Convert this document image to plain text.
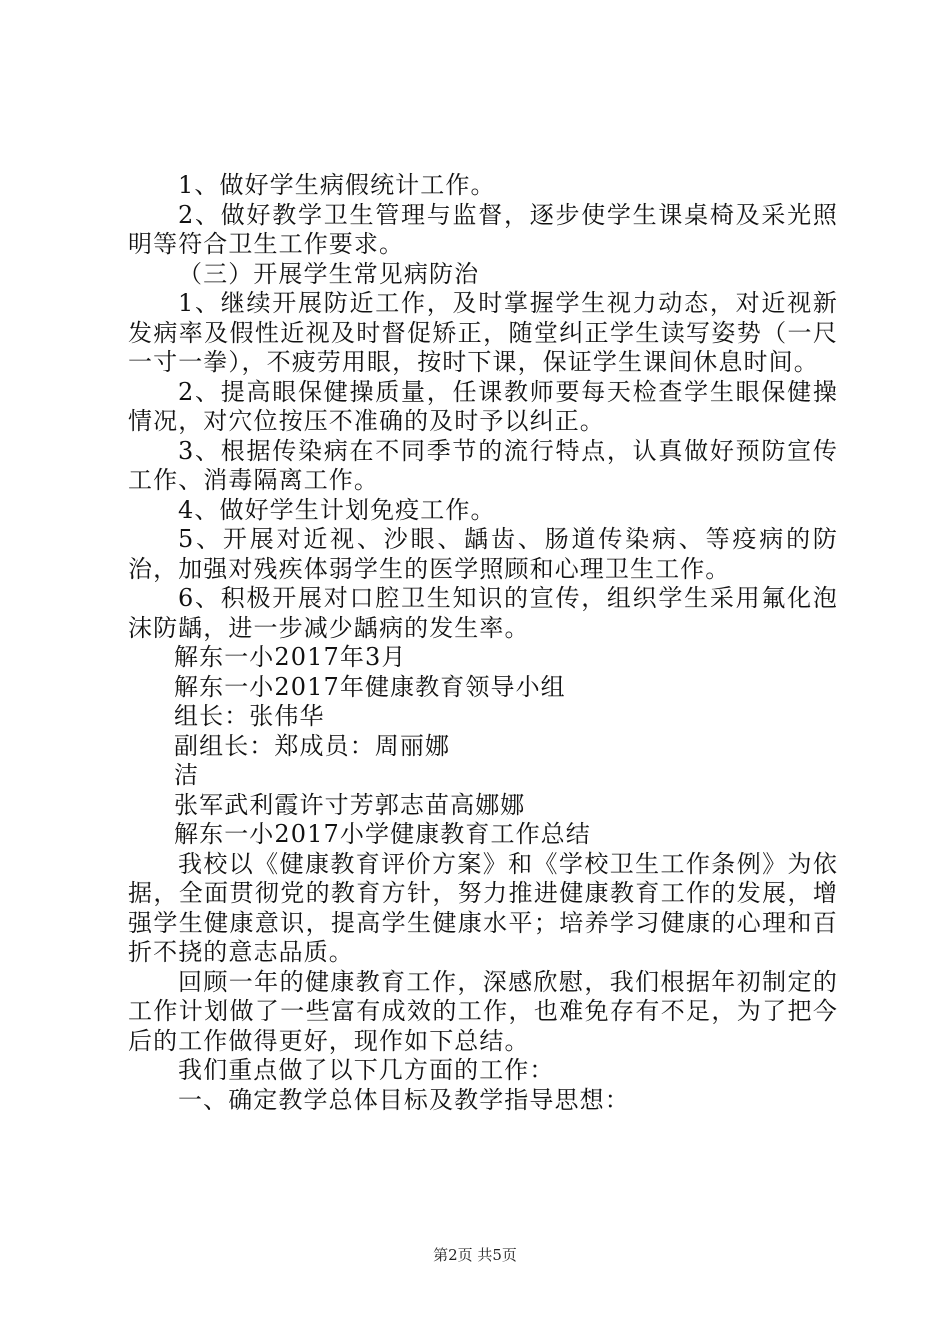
1、做好学生病假统计工作。

2、做好教学卫生管理与监督，逐步使学生课桌椅及采光照明等符合卫生工作要求。

（三）开展学生常见病防治

1、继续开展防近工作，及时掌握学生视力动态，对近视新发病率及假性近视及时督促矫正，随堂纠正学生读写姿势（一尺一寸一拳），不疲劳用眼，按时下课，保证学生课间休息时间。

2、提高眼保健操质量，任课教师要每天检查学生眼保健操情况，对穴位按压不准确的及时予以纠正。

3、根据传染病在不同季节的流行特点，认真做好预防宣传工作、消毒隔离工作。

4、做好学生计划免疫工作。

5、开展对近视、沙眼、龋齿、肠道传染病、等疫病的防治，加强对残疾体弱学生的医学照顾和心理卫生工作。

6、积极开展对口腔卫生知识的宣传，组织学生采用氟化泡沫防龋，进一步减少龋病的发生率。

解东一小2017年3月

解东一小2017年健康教育领导小组

组长：张伟华

副组长：郑成员：周丽娜

洁

张军武利霞许寸芳郭志苗高娜娜

解东一小2017小学健康教育工作总结

我校以《健康教育评价方案》和《学校卫生工作条例》为依据，全面贯彻党的教育方针，努力推进健康教育工作的发展，增强学生健康意识，提高学生健康水平；培养学习健康的心理和百折不挠的意志品质。

回顾一年的健康教育工作，深感欣慰，我们根据年初制定的工作计划做了一些富有成效的工作，也难免存有不足，为了把今后的工作做得更好，现作如下总结。

我们重点做了以下几方面的工作：

一、确定教学总体目标及教学指导思想：

第2页 共5页
